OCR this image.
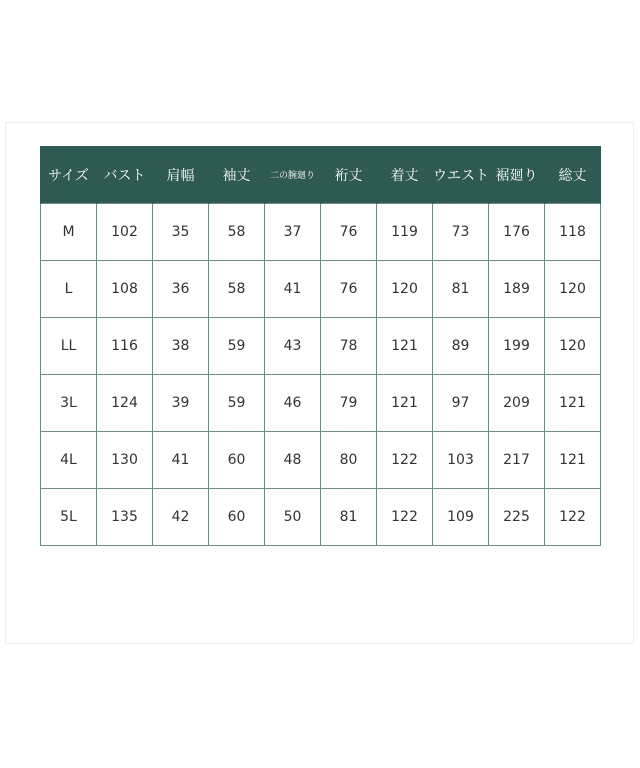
サイズ	バスト	肩幅	袖丈	二の腕廻り	裄丈	着丈	ウエスト	裾廻り	総丈
M	102	35	58	37	76	119	73	176	118
L	108	36	58	41	76	120	81	189	120
LL	116	38	59	43	78	121	89	199	120
3L	124	39	59	46	79	121	97	209	121
4L	130	41	60	48	80	122	103	217	121
5L	135	42	60	50	81	122	109	225	122
